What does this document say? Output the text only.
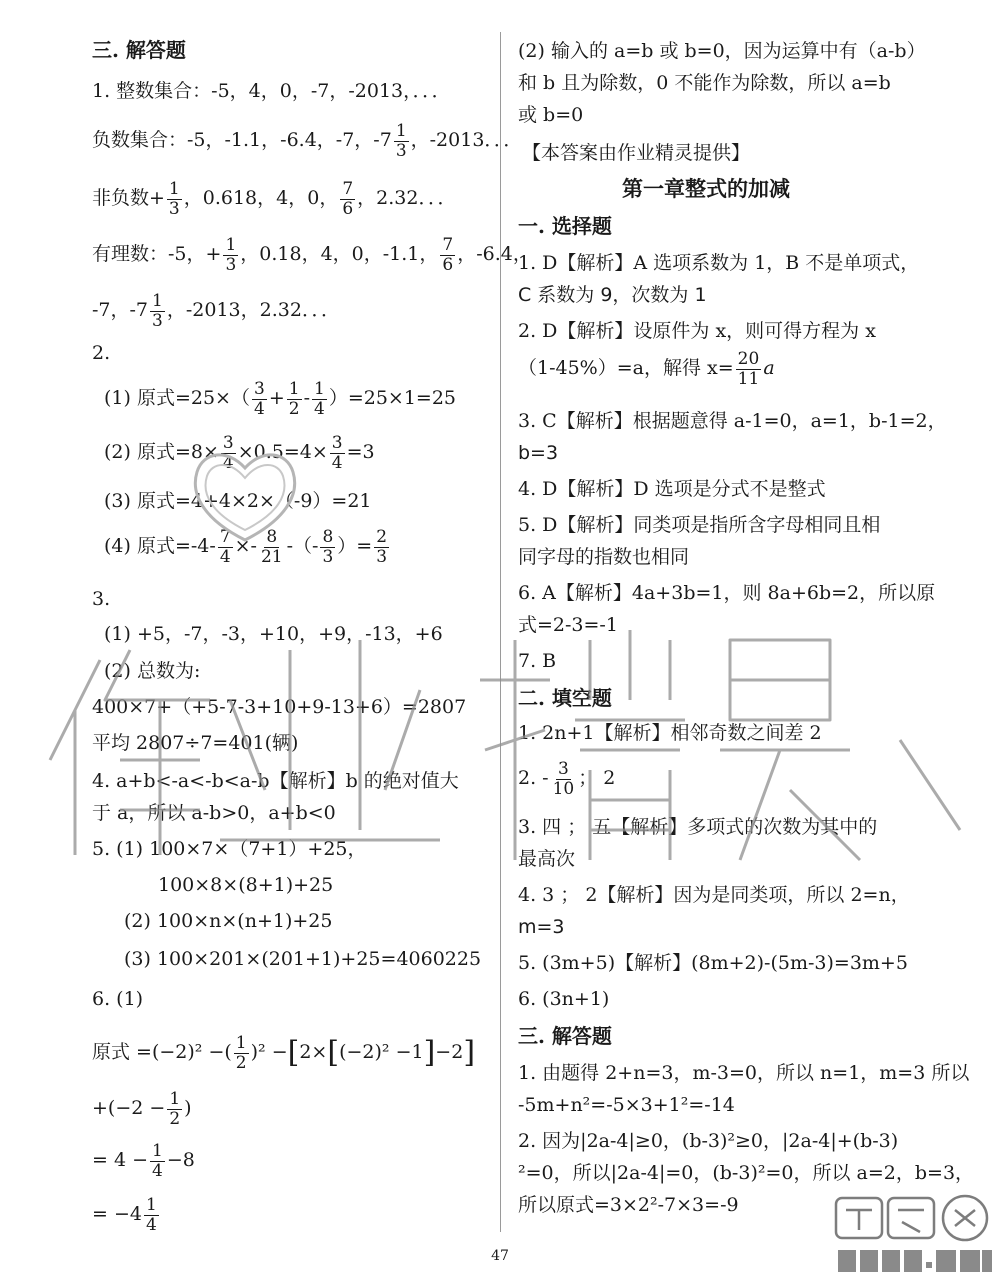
三. 解答题
1. 整数集合：-5，4，0，-7，-2013，．．．
负数集合：-5，-1.1，-6.4，-7，$-7 \frac{1}{3}$ ，-2013．．．
非负数+ $\frac{1}{3}$ ，0.618，4，0， $\frac{7}{6}$ ，2.32．．．
有理数：-5，+ $\frac{1}{3}$ ，0.18，4，0，-1.1， $\frac{7}{6}$ ，-6.4，
-7，$-7 \frac{1}{3}$ ，-2013，2.32．．．
2.
(1) 原式$=25\times( \frac{3}{4} + \frac{1}{2} - \frac{1}{4} )=25\times 1=25$
(2) 原式$=8\times \frac{3}{4} \times 0.5=4\times \frac{3}{4} =3$
(3) 原式=4+4×2×（-9）=21
(4) 原式$=-4- \frac{7}{4} \times- \frac{8}{21}$ -（- $\frac{8}{3}$ ）= $\frac{2}{3}$
3.
(1) +5，-7，-3，+10，+9，-13，+6
(2) 总数为:
400×7+（+5-7-3+10+9-13+6）=2807
平均 2807÷7=401(辆)
4. a+b<-a<-b<a-b【解析】b 的绝对值大
于 a，所以 a-b>0，a+b<0
5. (1) 100×7×（7+1）+25，
100×8×(8+1)+25
(2) 100×n×(n+1)+25
(3) 100×201×(201+1)+25=4060225
6. (1)
原式 =(−2)² −( $\frac{1}{2} )^2 -[2\times[(-2)^2 -1]-2]$
$+(-2 - \frac{1}{2}$ )
= $4 - \frac{1}{4} -8$
= $-4 \frac{1}{4}$
(2) 输入的 a=b 或 b=0，因为运算中有（a-b）
和 b 且为除数，0 不能作为除数，所以 a=b
或 b=0
【本答案由作业精灵提供】
第一章整式的加减
一. 选择题
1. D【解析】A 选项系数为 1，B 不是单项式，
C 系数为 9，次数为 1
2. D【解析】设原件为 x，则可得方程为 x
（1-45%）=a，解得 $x= \frac{20}{11}$ a
3. C【解析】根据题意得 a-1=0，a=1，b-1=2，
b=3
4. D【解析】D 选项是分式不是整式
5. D【解析】同类项是指所含字母相同且相
同字母的指数也相同
6. A【解析】4a+3b=1，则 8a+6b=2，所以原
式=2-3=-1
7. B
二. 填空题
1. 2n+1【解析】相邻奇数之间差 2
2. - $\frac{3}{10}$ ； 2
3. 四 ； 五【解析】多项式的次数为其中的
最高次
4. 3 ； 2【解析】因为是同类项，所以 2=n，
m=3
5. (3m+5)【解析】(8m+2)-(5m-3)=3m+5
6. (3n+1)
三. 解答题
1. 由题得 2+n=3，m-3=0，所以 n=1，m=3 所以
-5m+n²=-5×3+1²=-14
2. 因为|2a-4|≥0，(b-3)²≥0，|2a-4|+(b-3)
²=0，所以|2a-4|=0，(b-3)²=0，所以 a=2，b=3，
所以原式=3×2²-7×3=-9
47
